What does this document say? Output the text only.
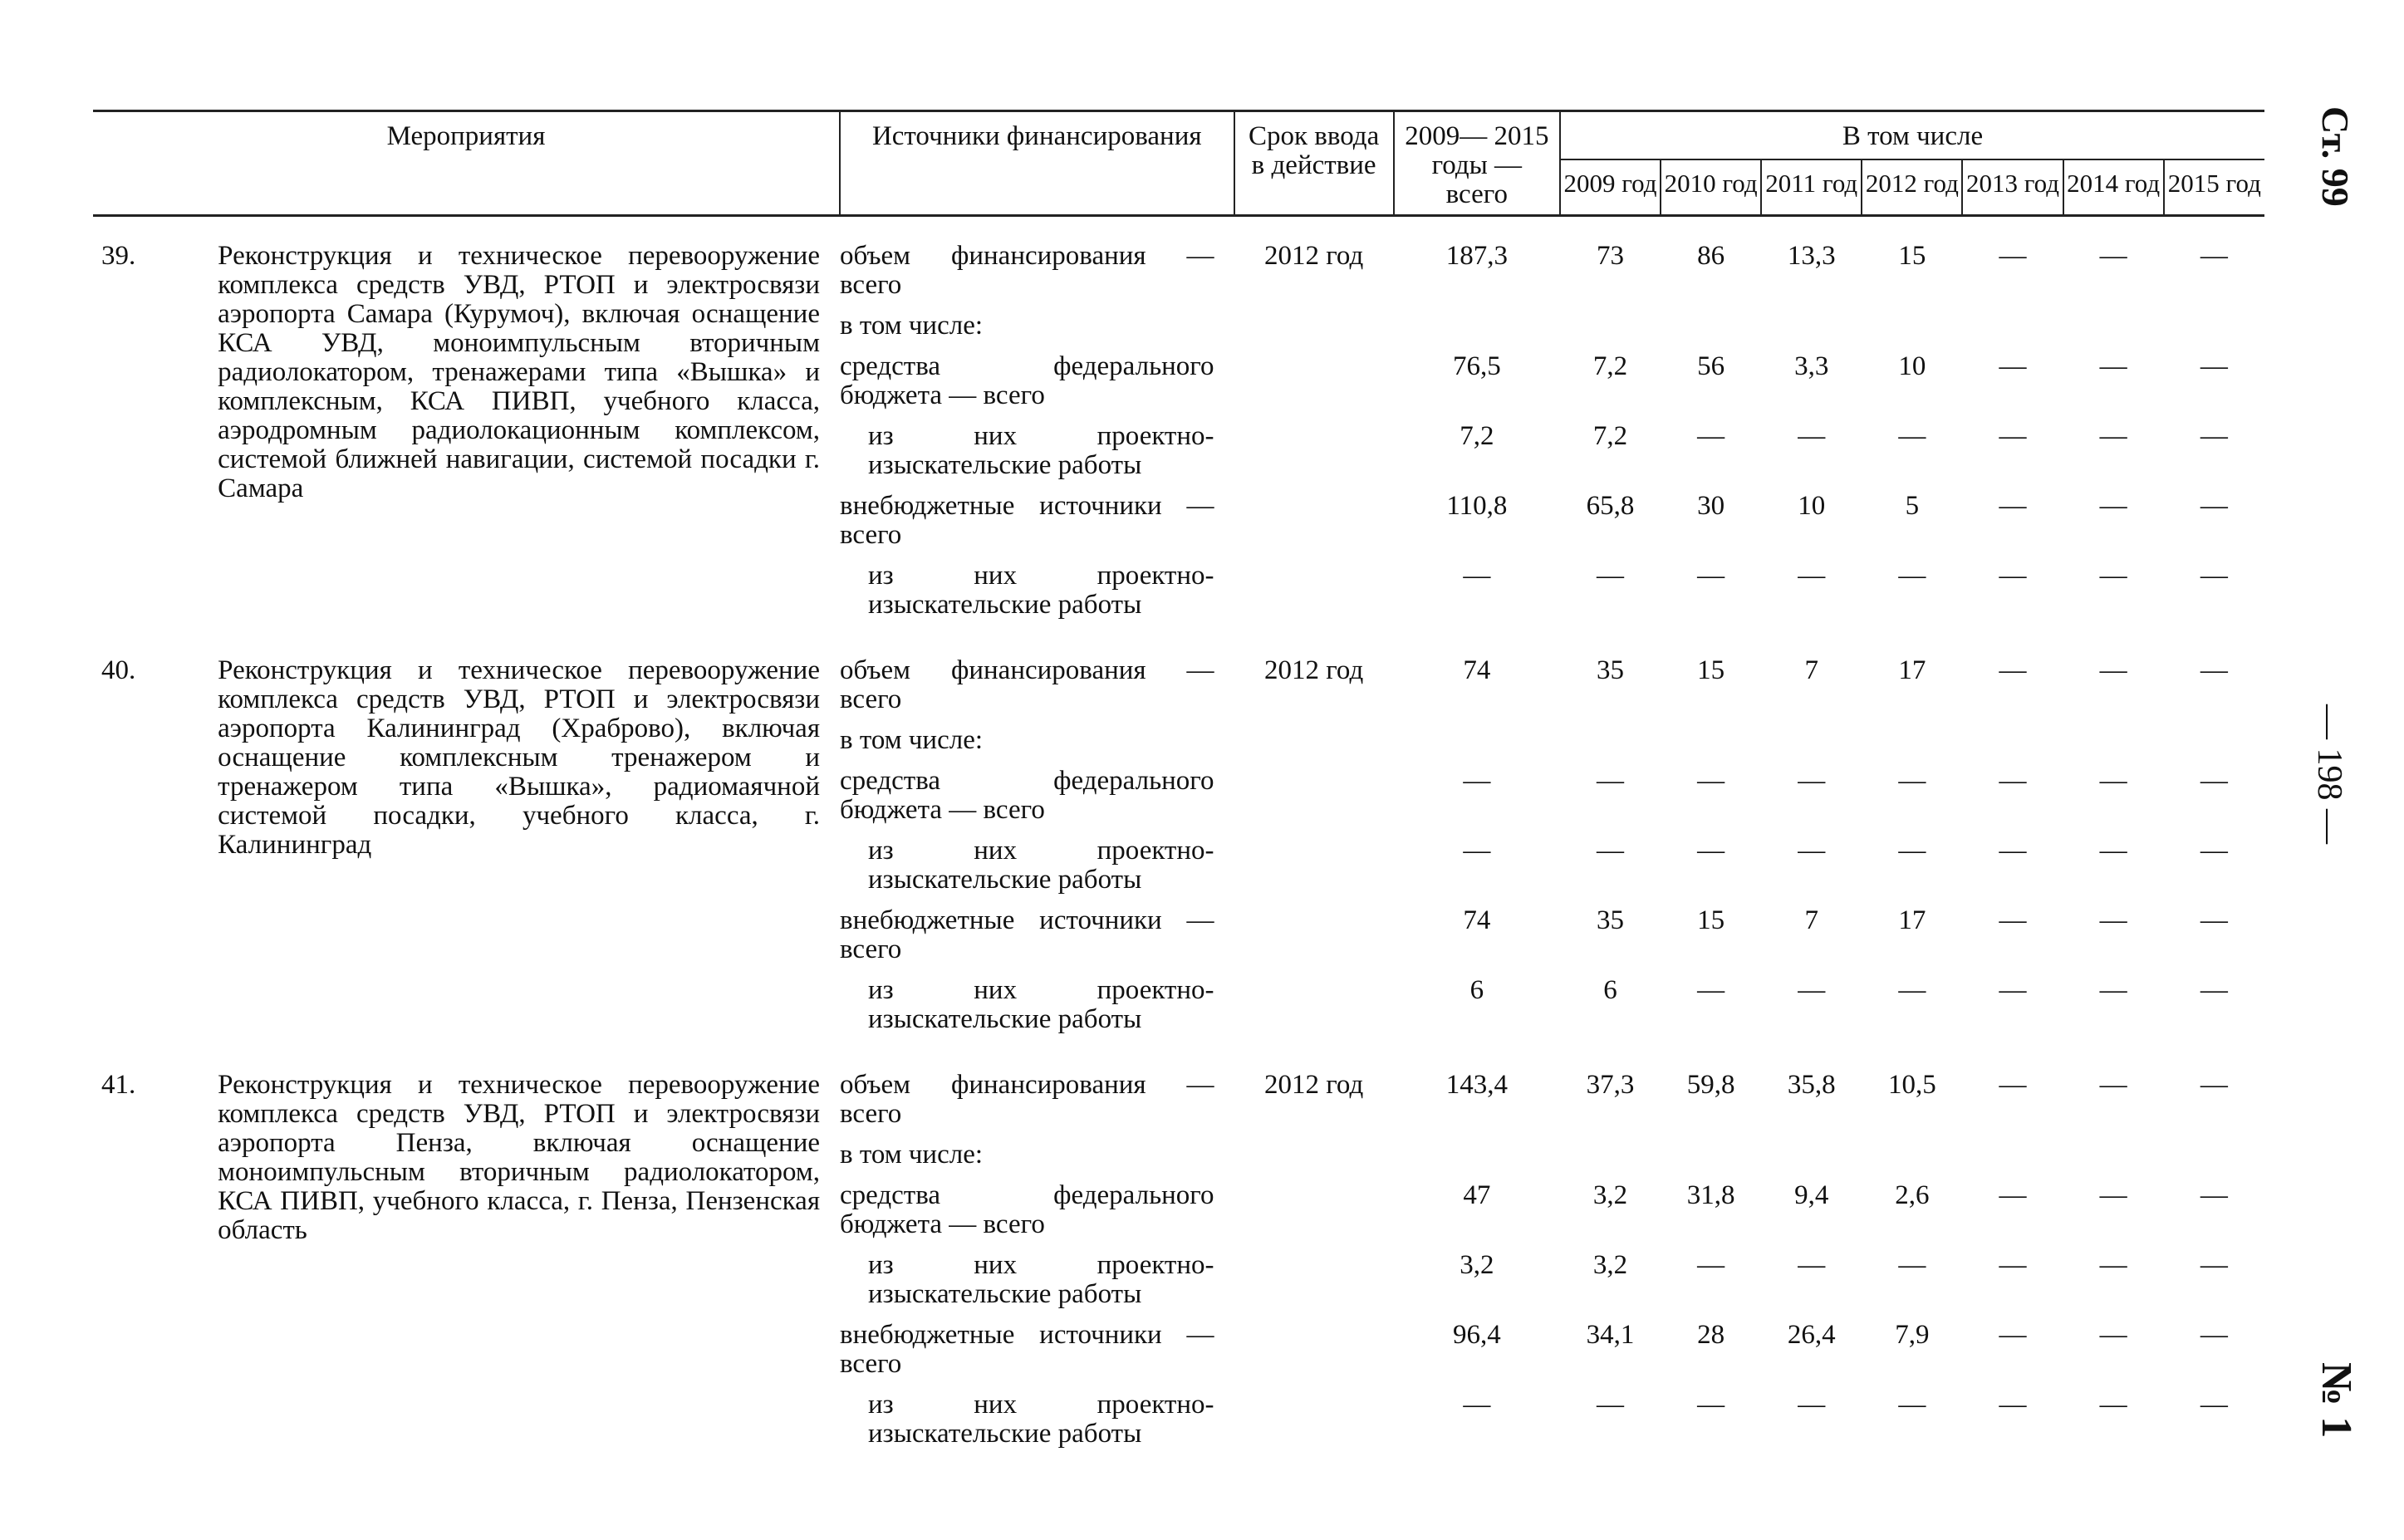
Мероприятия		Источники финансирования	Срок ввода в действие	2009— 2015 годы — всего	В том числе						
					2009 год	2010 год	2011 год	2012 год	2013 год	2014 год	2015 год
39.	Реконструкция и техническое перевооружение комплекса средств УВД, РТОП и электросвязи аэропорта Самара (Курумоч), включая оснащение КСА УВД, моноимпульсным вторичным радиолокатором, тренажерами типа «Вышка» и комплексным, КСА ПИВП, учебного класса, аэродромным радиолокационным комплексом, системой ближней навигации, системой посадки г. Самара	объем финансирования — всего	2012 год	187,3	73	86	13,3	15	—	—	—
		в том числе:									
		средства федерального бюджета — всего		76,5	7,2	56	3,3	10	—	—	—
		из них проектно-изыскательские работы		7,2	7,2	—	—	—	—	—	—
		внебюджетные источники — всего		110,8	65,8	30	10	5	—	—	—
		из них проектно-изыскательские работы		—	—	—	—	—	—	—	—
40.	Реконструкция и техническое перевооружение комплекса средств УВД, РТОП и электросвязи аэропорта Калининград (Храброво), включая оснащение комплексным тренажером и тренажером типа «Вышка», радиомаячной системой посадки, учебного класса, г. Калининград	объем финансирования — всего	2012 год	74	35	15	7	17	—	—	—
		в том числе:									
		средства федерального бюджета — всего		—	—	—	—	—	—	—	—
		из них проектно-изыскательские работы		—	—	—	—	—	—	—	—
		внебюджетные источники — всего		74	35	15	7	17	—	—	—
		из них проектно-изыскательские работы		6	6	—	—	—	—	—	—
41.	Реконструкция и техническое перевооружение комплекса средств УВД, РТОП и электросвязи аэропорта Пенза, включая оснащение моноимпульсным вторичным радиолокатором, КСА ПИВП, учебного класса, г. Пенза, Пензенская область	объем финансирования — всего	2012 год	143,4	37,3	59,8	35,8	10,5	—	—	—
		в том числе:									
		средства федерального бюджета — всего		47	3,2	31,8	9,4	2,6	—	—	—
		из них проектно-изыскательские работы		3,2	3,2	—	—	—	—	—	—
		внебюджетные источники — всего		96,4	34,1	28	26,4	7,9	—	—	—
		из них проектно-изыскательские работы		—	—	—	—	—	—	—	—
Ст. 99
— 198 —
№ 1
